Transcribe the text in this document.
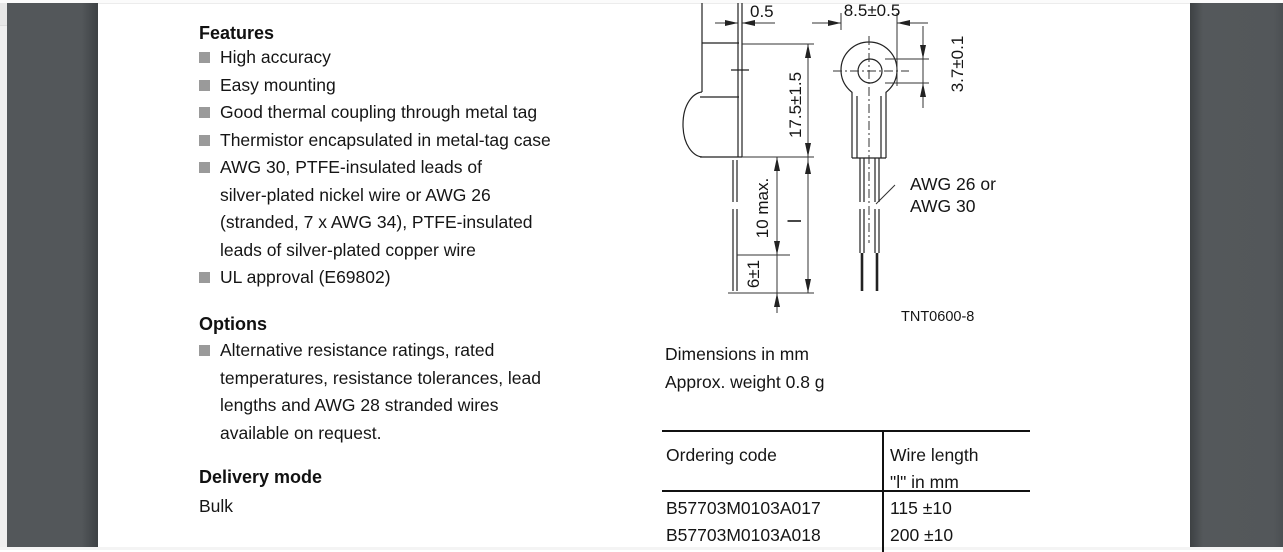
Features
High accuracy
Easy mounting
Good thermal coupling through metal tag
Thermistor encapsulated in metal-tag case
AWG 30, PTFE-insulated leads of
silver-plated nickel wire or AWG 26
(stranded, 7 x AWG 34), PTFE-insulated
leads of silver-plated copper wire
UL approval (E69802)
Options
Alternative resistance ratings, rated
temperatures, resistance tolerances, lead
lengths and AWG 28 stranded wires
available on request.
Delivery mode
Bulk
0.5	8.5±0.5
3.7±0.1
17.5±1.5
10 max.
6±1
l
AWG 26 or
AWG 30
TNT0600-8
Dimensions in mm
Approx. weight 0.8 g
Ordering code	Wire length
"l" in mm
B57703M0103A017	115 ±10
B57703M0103A018	200 ±10
